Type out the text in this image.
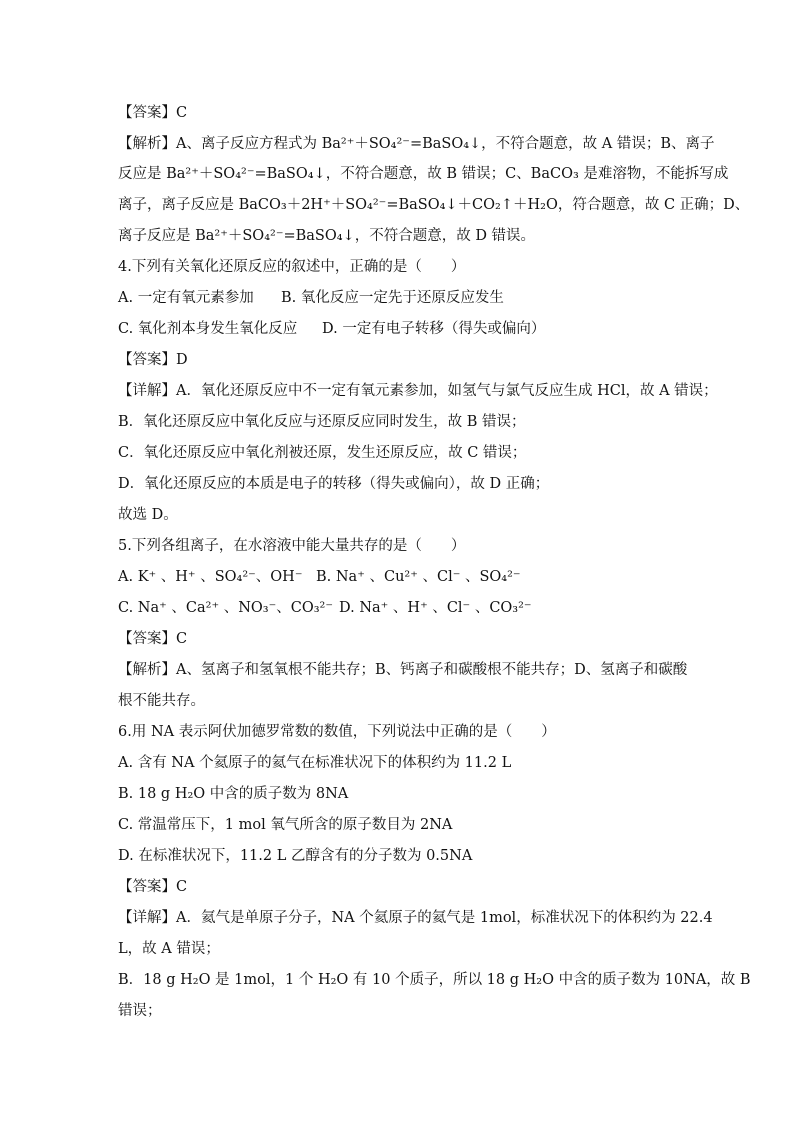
【答案】C
【解析】A、离子反应方程式为 Ba²⁺＋SO₄²⁻=BaSO₄↓，不符合题意，故 A 错误；B、离子
反应是 Ba²⁺＋SO₄²⁻=BaSO₄↓，不符合题意，故 B 错误；C、BaCO₃ 是难溶物，不能拆写成
离子，离子反应是 BaCO₃＋2H⁺＋SO₄²⁻=BaSO₄↓＋CO₂↑＋H₂O，符合题意，故 C 正确；D、
离子反应是 Ba²⁺＋SO₄²⁻=BaSO₄↓，不符合题意，故 D 错误。
4.下列有关氧化还原反应的叙述中，正确的是（　　）
A. 一定有氧元素参加 B. 氧化反应一定先于还原反应发生
C. 氧化剂本身发生氧化反应 D. 一定有电子转移（得失或偏向）
【答案】D
【详解】A．氧化还原反应中不一定有氧元素参加，如氢气与氯气反应生成 HCl，故 A 错误；
B．氧化还原反应中氧化反应与还原反应同时发生，故 B 错误；
C．氧化还原反应中氧化剂被还原，发生还原反应，故 C 错误；
D．氧化还原反应的本质是电子的转移（得失或偏向），故 D 正确；
故选 D。
5.下列各组离子，在水溶液中能大量共存的是（　　）
A. K⁺ 、H⁺ 、SO₄²⁻、OH⁻ B. Na⁺ 、Cu²⁺ 、Cl⁻ 、SO₄²⁻
C. Na⁺ 、Ca²⁺ 、NO₃⁻、CO₃²⁻ D. Na⁺ 、H⁺ 、Cl⁻ 、CO₃²⁻
【答案】C
【解析】A、氢离子和氢氧根不能共存；B、钙离子和碳酸根不能共存；D、氢离子和碳酸
根不能共存。
6.用 NA 表示阿伏加德罗常数的数值，下列说法中正确的是（　　）
A. 含有 NA 个氦原子的氦气在标准状况下的体积约为 11.2 L
B. 18 g H₂O 中含的质子数为 8NA
C. 常温常压下，1 mol 氧气所含的原子数目为 2NA
D. 在标准状况下，11.2 L 乙醇含有的分子数为 0.5NA
【答案】C
【详解】A．氦气是单原子分子，NA 个氦原子的氦气是 1mol，标准状况下的体积约为 22.4
L，故 A 错误；
B．18 g H₂O 是 1mol，1 个 H₂O 有 10 个质子，所以 18 g H₂O 中含的质子数为 10NA，故 B
错误；
